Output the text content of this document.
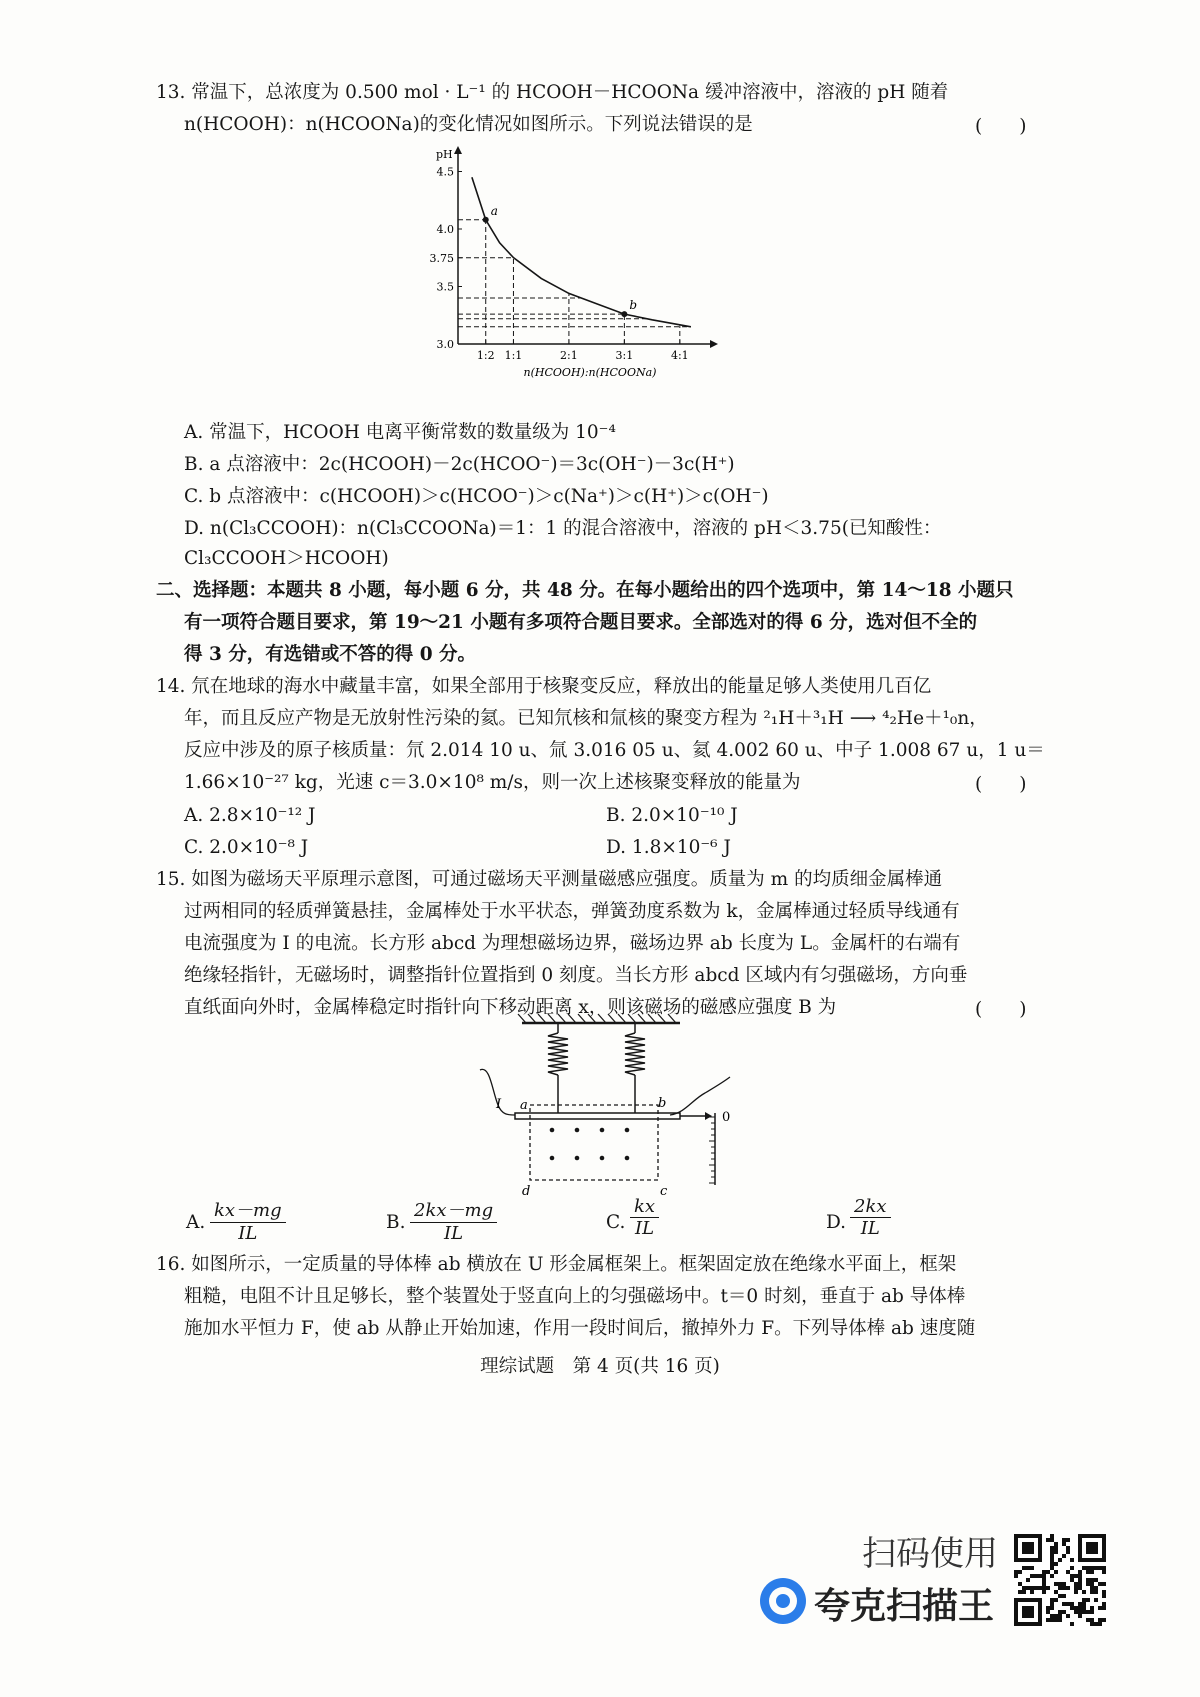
13. 常温下，总浓度为 0.500 mol · L⁻¹ 的 HCOOH－HCOONa 缓冲溶液中，溶液的 pH 随着
n(HCOOH)：n(HCOONa)的变化情况如图所示。下列说法错误的是	(　　)
pH
3.0
3.5
3.75
4.0
4.5
1:2 1:1	2:1	3:1	4:1
n(HCOOH):n(HCOONa)
a
b
A. 常温下，HCOOH 电离平衡常数的数量级为 10⁻⁴
B. a 点溶液中：2c(HCOOH)－2c(HCOO⁻)＝3c(OH⁻)－3c(H⁺)
C. b 点溶液中：c(HCOOH)＞c(HCOO⁻)＞c(Na⁺)＞c(H⁺)＞c(OH⁻)
D. n(Cl₃CCOOH)：n(Cl₃CCOONa)＝1：1 的混合溶液中，溶液的 pH＜3.75(已知酸性：
Cl₃CCOOH＞HCOOH)
二、选择题：本题共 8 小题，每小题 6 分，共 48 分。在每小题给出的四个选项中，第 14～18 小题只
有一项符合题目要求，第 19～21 小题有多项符合题目要求。全部选对的得 6 分，选对但不全的
得 3 分，有选错或不答的得 0 分。
14. 氘在地球的海水中藏量丰富，如果全部用于核聚变反应，释放出的能量足够人类使用几百亿
年，而且反应产物是无放射性污染的氦。已知氘核和氚核的聚变方程为 ²₁H＋³₁H ⟶ ⁴₂He＋¹₀n，
反应中涉及的原子核质量：氘 2.014 10 u、氚 3.016 05 u、氦 4.002 60 u、中子 1.008 67 u，1 u＝
1.66×10⁻²⁷ kg，光速 c＝3.0×10⁸ m/s，则一次上述核聚变释放的能量为	(　　)
A. 2.8×10⁻¹² J	B. 2.0×10⁻¹⁰ J
C. 2.0×10⁻⁸ J	D. 1.8×10⁻⁶ J
15. 如图为磁场天平原理示意图，可通过磁场天平测量磁感应强度。质量为 m 的均质细金属棒通
过两相同的轻质弹簧悬挂，金属棒处于水平状态，弹簧劲度系数为 k，金属棒通过轻质导线通有
电流强度为 I 的电流。长方形 abcd 为理想磁场边界，磁场边界 ab 长度为 L。金属杆的右端有
绝缘轻指针，无磁场时，调整指针位置指到 0 刻度。当长方形 abcd 区域内有匀强磁场，方向垂
直纸面向外时，金属棒稳定时指针向下移动距离 x，则该磁场的磁感应强度 B 为	(　　)
I a	b
c
d
0
A. $\frac{kx-mg}{IL}$	B. $\frac{2kx-mg}{IL}$	C. $\frac{kx}{IL}$	D. $\frac{2kx}{IL}$
16. 如图所示，一定质量的导体棒 ab 横放在 U 形金属框架上。框架固定放在绝缘水平面上，框架
粗糙，电阻不计且足够长，整个装置处于竖直向上的匀强磁场中。t＝0 时刻，垂直于 ab 导体棒
施加水平恒力 F，使 ab 从静止开始加速，作用一段时间后，撤掉外力 F。下列导体棒 ab 速度随
理综试题　第 4 页(共 16 页)
扫码使用
夸克扫描王
